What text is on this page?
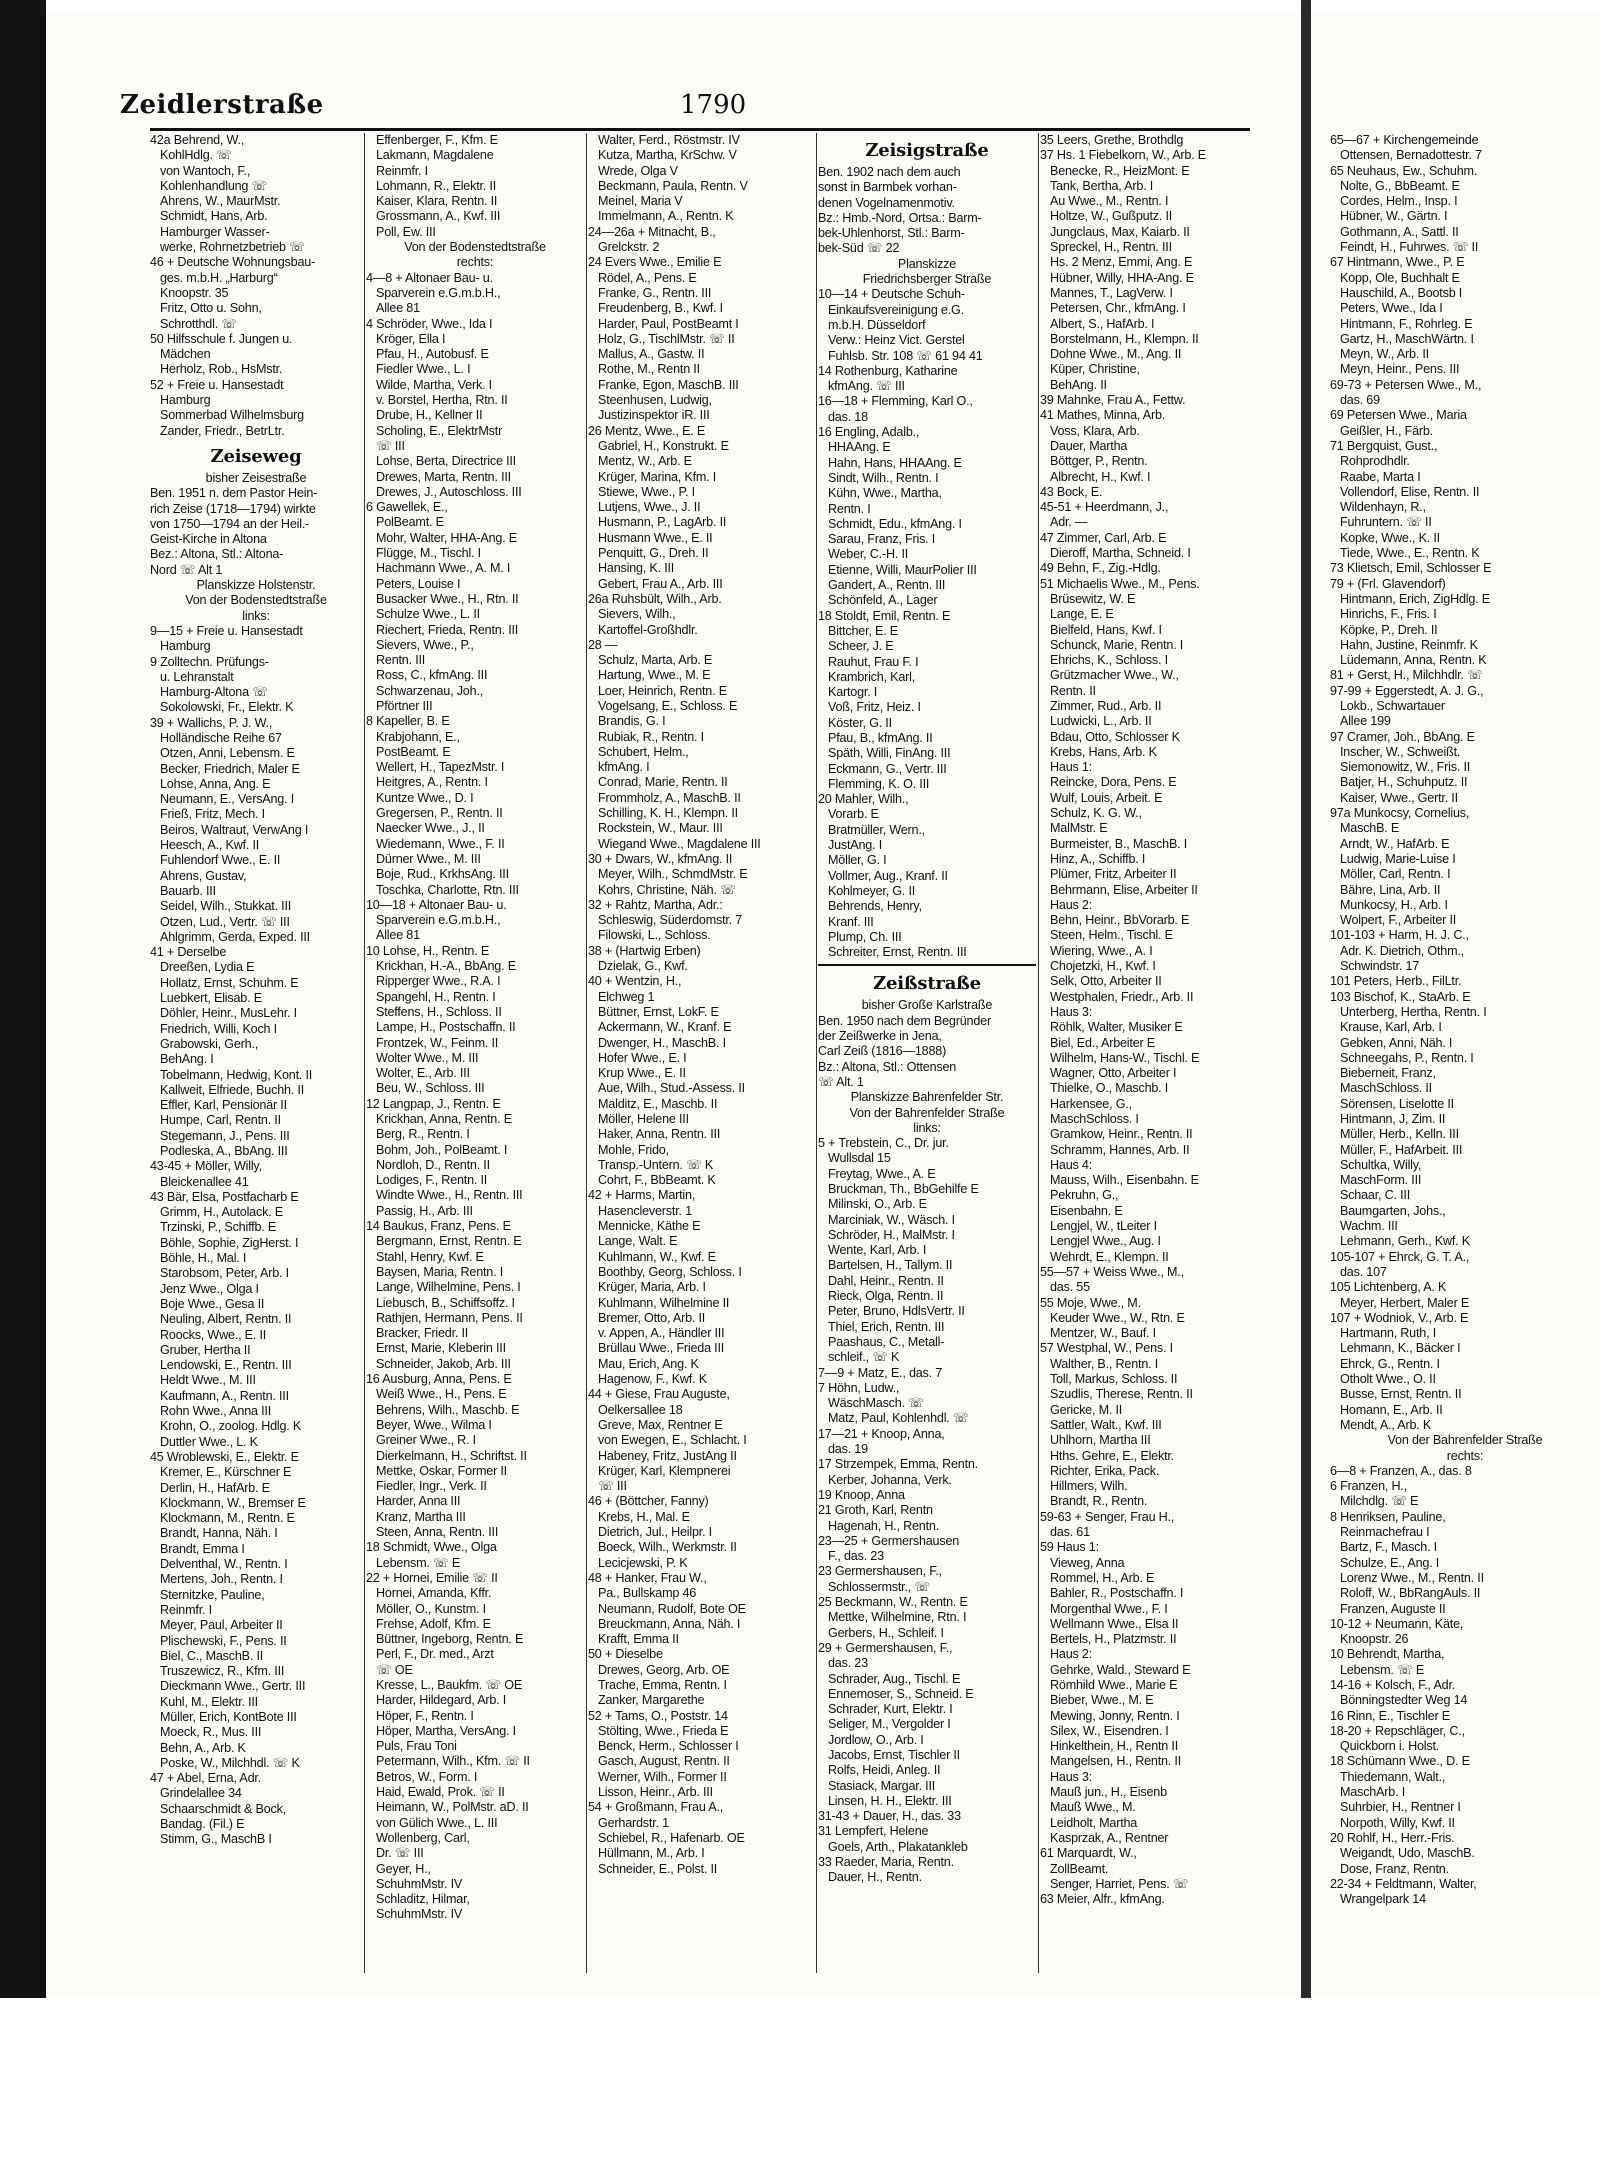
Zeidlerstraße	1790
42a Behrend, W.,
KohlHdlg. ☏
von Wantoch, F.,
Kohlenhandlung ☏
Ahrens, W., MaurMstr.
Schmidt, Hans, Arb.
Hamburger Wasser-
werke, Rohrnetzbetrieb ☏
46 + Deutsche Wohnungsbau-
ges. m.b.H. „Harburg“
Knoopstr. 35
Fritz, Otto u. Sohn,
Schrotthdl. ☏
50 Hilfsschule f. Jungen u.
Mädchen
Herholz, Rob., HsMstr.
52 + Freie u. Hansestadt
Hamburg
Sommerbad Wilhelmsburg
Zander, Friedr., BetrLtr.
Zeiseweg
bisher Zeisestraße
Ben. 1951 n. dem Pastor Hein-
rich Zeise (1718—1794) wirkte
von 1750—1794 an der Heil.-
Geist-Kirche in Altona
Bez.: Altona, Stl.: Altona-
Nord ☏ Alt 1
Planskizze Holstenstr.
Von der Bodenstedtstraße
links:
9—15 + Freie u. Hansestadt
Hamburg
9 Zolltechn. Prüfungs-
u. Lehranstalt
Hamburg-Altona ☏
Sokolowski, Fr., Elektr. K
39 + Wallichs, P. J. W.,
Holländische Reihe 67
Otzen, Anni, Lebensm. E
Becker, Friedrich, Maler E
Lohse, Anna, Ang. E
Neumann, E., VersAng. I
Frieß, Fritz, Mech. I
Beiros, Waltraut, VerwAng I
Heesch, A., Kwf. II
Fuhlendorf Wwe., E. II
Ahrens, Gustav,
Bauarb. III
Seidel, Wilh., Stukkat. III
Otzen, Lud., Vertr. ☏ III
Ahlgrimm, Gerda, Exped. III
41 + Derselbe
Dreeßen, Lydia E
Hollatz, Ernst, Schuhm. E
Luebkert, Elisab. E
Döhler, Heinr., MusLehr. I
Friedrich, Willi, Koch I
Grabowski, Gerh.,
BehAng. I
Tobelmann, Hedwig, Kont. II
Kallweit, Elfriede, Buchh. II
Effler, Karl, Pensionär II
Humpe, Carl, Rentn. II
Stegemann, J., Pens. III
Podleska, A., BbAng. III
43-45 + Möller, Willy,
Bleickenallee 41
43 Bär, Elsa, Postfacharb E
Grimm, H., Autolack. E
Trzinski, P., Schiffb. E
Böhle, Sophie, ZigHerst. I
Böhle, H., Mal. I
Starobsom, Peter, Arb. I
Jenz Wwe., Olga I
Boje Wwe., Gesa II
Neuling, Albert, Rentn. II
Roocks, Wwe., E. II
Gruber, Hertha II
Lendowski, E., Rentn. III
Heldt Wwe., M. III
Kaufmann, A., Rentn. III
Rohn Wwe., Anna III
Krohn, O., zoolog. Hdlg. K
Duttler Wwe., L. K
45 Wroblewski, E., Elektr. E
Kremer, E., Kürschner E
Derlin, H., HafArb. E
Klockmann, W., Bremser E
Klockmann, M., Rentn. E
Brandt, Hanna, Näh. I
Brandt, Emma I
Delventhal, W., Rentn. I
Mertens, Joh., Rentn. I
Sternitzke, Pauline,
Reinmfr. I
Meyer, Paul, Arbeiter II
Plischewski, F., Pens. II
Biel, C., MaschB. II
Truszewicz, R., Kfm. III
Dieckmann Wwe., Gertr. III
Kuhl, M., Elektr. III
Müller, Erich, KontBote III
Moeck, R., Mus. III
Behn, A., Arb. K
Poske, W., Milchhdl. ☏ K
47 + Abel, Erna, Adr.
Grindelallee 34
Schaarschmidt & Bock,
Bandag. (Fil.) E
Stimm, G., MaschB I
Effenberger, F., Kfm. E
Lakmann, Magdalene
Reinmfr. I
Lohmann, R., Elektr. II
Kaiser, Klara, Rentn. II
Grossmann, A., Kwf. III
Poll, Ew. III
Von der Bodenstedtstraße
rechts:
4—8 + Altonaer Bau- u.
Sparverein e.G.m.b.H.,
Allee 81
4 Schröder, Wwe., Ida I
Kröger, Ella I
Pfau, H., Autobusf. E
Fiedler Wwe., L. I
Wilde, Martha, Verk. I
v. Borstel, Hertha, Rtn. II
Drube, H., Kellner II
Scholing, E., ElektrMstr
☏ III
Lohse, Berta, Directrice III
Drewes, Marta, Rentn. III
Drewes, J., Autoschloss. III
6 Gawellek, E.,
PolBeamt. E
Mohr, Walter, HHA-Ang. E
Flügge, M., Tischl. I
Hachmann Wwe., A. M. I
Peters, Louise I
Busacker Wwe., H., Rtn. II
Schulze Wwe., L. II
Riechert, Frieda, Rentn. III
Sievers, Wwe., P.,
Rentn. III
Ross, C., kfmAng. III
Schwarzenau, Joh.,
Pförtner III
8 Kapeller, B. E
Krabjohann, E.,
PostBeamt. E
Wellert, H., TapezMstr. I
Heitgres, A., Rentn. I
Kuntze Wwe., D. I
Gregersen, P., Rentn. II
Naecker Wwe., J., II
Wiedemann, Wwe., F. II
Dürner Wwe., M. III
Boje, Rud., KrkhsAng. III
Toschka, Charlotte, Rtn. III
10—18 + Altonaer Bau- u.
Sparverein e.G.m.b.H.,
Allee 81
10 Lohse, H., Rentn. E
Krickhan, H.-A., BbAng. E
Ripperger Wwe., R.A. I
Spangehl, H., Rentn. I
Steffens, H., Schloss. II
Lampe, H., Postschaffn. II
Frontzek, W., Feinm. II
Wolter Wwe., M. III
Wolter, E., Arb. III
Beu, W., Schloss. III
12 Langpap, J., Rentn. E
Krickhan, Anna, Rentn. E
Berg, R., Rentn. I
Bohm, Joh., PolBeamt. I
Nordloh, D., Rentn. II
Lodiges, F., Rentn. II
Windte Wwe., H., Rentn. III
Passig, H., Arb. III
14 Baukus, Franz, Pens. E
Bergmann, Ernst, Rentn. E
Stahl, Henry, Kwf. E
Baysen, Maria, Rentn. I
Lange, Wilhelmine, Pens. I
Liebusch, B., Schiffsoffz. I
Rathjen, Hermann, Pens. II
Bracker, Friedr. II
Ernst, Marie, Kleberin III
Schneider, Jakob, Arb. III
16 Ausburg, Anna, Pens. E
Weiß Wwe., H., Pens. E
Behrens, Wilh., Maschb. E
Beyer, Wwe., Wilma I
Greiner Wwe., R. I
Dierkelmann, H., Schriftst. II
Mettke, Oskar, Former II
Fiedler, Ingr., Verk. II
Harder, Anna III
Kranz, Martha III
Steen, Anna, Rentn. III
18 Schmidt, Wwe., Olga
Lebensm. ☏ E
22 + Hornei, Emilie ☏ II
Hornei, Amanda, Kffr.
Möller, O., Kunstm. I
Frehse, Adolf, Kfm. E
Büttner, Ingeborg, Rentn. E
Perl, F., Dr. med., Arzt
☏ OE
Kresse, L., Baukfm. ☏ OE
Harder, Hildegard, Arb. I
Höper, F., Rentn. I
Höper, Martha, VersAng. I
Puls, Frau Toni
Petermann, Wilh., Kfm. ☏ II
Betros, W., Form. I
Haid, Ewald, Prok. ☏ II
Heimann, W., PolMstr. aD. II
von Gülich Wwe., L. III
Wollenberg, Carl,
Dr. ☏ III
Geyer, H.,
SchuhmMstr. IV
Schladitz, Hilmar,
SchuhmMstr. IV
Walter, Ferd., Röstmstr. IV
Kutza, Martha, KrSchw. V
Wrede, Olga V
Beckmann, Paula, Rentn. V
Meinel, Maria V
Immelmann, A., Rentn. K
24—26a + Mitnacht, B.,
Grelckstr. 2
24 Evers Wwe., Emilie E
Rödel, A., Pens. E
Franke, G., Rentn. III
Freudenberg, B., Kwf. I
Harder, Paul, PostBeamt I
Holz, G., TischlMstr. ☏ II
Mallus, A., Gastw. II
Rothe, M., Rentn II
Franke, Egon, MaschB. III
Steenhusen, Ludwig,
Justizinspektor iR. III
26 Mentz, Wwe., E. E
Gabriel, H., Konstrukt. E
Mentz, W., Arb. E
Krüger, Marina, Kfm. I
Stiewe, Wwe., P. I
Lutjens, Wwe., J. II
Husmann, P., LagArb. II
Husmann Wwe., E. II
Penquitt, G., Dreh. II
Hansing, K. III
Gebert, Frau A., Arb. III
26a Ruhsbült, Wilh., Arb.
Sievers, Wilh.,
Kartoffel-Großhdlr.
28 —
Schulz, Marta, Arb. E
Hartung, Wwe., M. E
Loer, Heinrich, Rentn. E
Vogelsang, E., Schloss. E
Brandis, G. I
Rubiak, R., Rentn. I
Schubert, Helm.,
kfmAng. I
Conrad, Marie, Rentn. II
Frommholz, A., MaschB. II
Schilling, K. H., Klempn. II
Rockstein, W., Maur. III
Wiegand Wwe., Magdalene III
30 + Dwars, W., kfmAng. II
Meyer, Wilh., SchmdMstr. E
Kohrs, Christine, Näh. ☏
32 + Rahtz, Martha, Adr.:
Schleswig, Süderdomstr. 7
Filowski, L., Schloss.
38 + (Hartwig Erben)
Dzielak, G., Kwf.
40 + Wentzin, H.,
Elchweg 1
Büttner, Ernst, LokF. E
Ackermann, W., Kranf. E
Dwenger, H., MaschB. I
Hofer Wwe., E. I
Krup Wwe., E. II
Aue, Wilh., Stud.-Assess. II
Malditz, E., Maschb. II
Möller, Helene III
Haker, Anna, Rentn. III
Mohle, Frido,
Transp.-Untern. ☏ K
Cohrt, F., BbBeamt. K
42 + Harms, Martin,
Hasencleverstr. 1
Mennicke, Käthe E
Lange, Walt. E
Kuhlmann, W., Kwf. E
Boothby, Georg, Schloss. I
Krüger, Maria, Arb. I
Kuhlmann, Wilhelmine II
Bremer, Otto, Arb. II
v. Appen, A., Händler III
Brüllau Wwe., Frieda III
Mau, Erich, Ang. K
Hagenow, F., Kwf. K
44 + Giese, Frau Auguste,
Oelkersallee 18
Greve, Max, Rentner E
von Ewegen, E., Schlacht. I
Habeney, Fritz, JustAng II
Krüger, Karl, Klempnerei
☏ III
46 + (Böttcher, Fanny)
Krebs, H., Mal. E
Dietrich, Jul., Heilpr. I
Boeck, Wilh., Werkmstr. II
Lecicjewski, P. K
48 + Hanker, Frau W.,
Pa., Bullskamp 46
Neumann, Rudolf, Bote OE
Breuckmann, Anna, Näh. I
Krafft, Emma II
50 + Dieselbe
Drewes, Georg, Arb. OE
Trache, Emma, Rentn. I
Zanker, Margarethe
52 + Tams, O., Poststr. 14
Stölting, Wwe., Frieda E
Benck, Herm., Schlosser I
Gasch, August, Rentn. II
Werner, Wilh., Former II
Lisson, Heinr., Arb. III
54 + Großmann, Frau A.,
Gerhardstr. 1
Schiebel, R., Hafenarb. OE
Hüllmann, M., Arb. I
Schneider, E., Polst. II
Zeisigstraße
Ben. 1902 nach dem auch
sonst in Barmbek vorhan-
denen Vogelnamenmotiv.
Bz.: Hmb.-Nord, Ortsa.: Barm-
bek-Uhlenhorst, Stl.: Barm-
bek-Süd ☏ 22
Planskizze
Friedrichsberger Straße
10—14 + Deutsche Schuh-
Einkaufsvereinigung e.G.
m.b.H. Düsseldorf
Verw.: Heinz Vict. Gerstel
Fuhlsb. Str. 108 ☏ 61 94 41
14 Rothenburg, Katharine
kfmAng. ☏ III
16—18 + Flemming, Karl O.,
das. 18
16 Engling, Adalb.,
HHAAng. E
Hahn, Hans, HHAAng. E
Sindt, Wilh., Rentn. I
Kühn, Wwe., Martha,
Rentn. I
Schmidt, Edu., kfmAng. I
Sarau, Franz, Fris. I
Weber, C.-H. II
Etienne, Willi, MaurPolier III
Gandert, A., Rentn. III
Schönfeld, A., Lager
18 Stoldt, Emil, Rentn. E
Bittcher, E. E
Scheer, J. E
Rauhut, Frau F. I
Krambrich, Karl,
Kartogr. I
Voß, Fritz, Heiz. I
Köster, G. II
Pfau, B., kfmAng. II
Späth, Willi, FinAng. III
Eckmann, G., Vertr. III
Flemming, K. O. III
20 Mahler, Wilh.,
Vorarb. E
Bratmüller, Wern.,
JustAng. I
Möller, G. I
Vollmer, Aug., Kranf. II
Kohlmeyer, G. II
Behrends, Henry,
Kranf. III
Plump, Ch. III
Schreiter, Ernst, Rentn. III
Zeißstraße
bisher Große Karlstraße
Ben. 1950 nach dem Begründer
der Zeißwerke in Jena,
Carl Zeiß (1816—1888)
Bz.: Altona, Stl.: Ottensen
☏ Alt. 1
Planskizze Bahrenfelder Str.
Von der Bahrenfelder Straße
links:
5 + Trebstein, C., Dr. jur.
Wullsdal 15
Freytag, Wwe., A. E
Bruckman, Th., BbGehilfe E
Milinski, O., Arb. E
Marciniak, W., Wäsch. I
Schröder, H., MalMstr. I
Wente, Karl, Arb. I
Bartelsen, H., Tallym. II
Dahl, Heinr., Rentn. II
Rieck, Olga, Rentn. II
Peter, Bruno, HdlsVertr. II
Thiel, Erich, Rentn. III
Paashaus, C., Metall-
schleif., ☏ K
7—9 + Matz, E., das. 7
7 Höhn, Ludw.,
WäschMasch. ☏
Matz, Paul, Kohlenhdl. ☏
17—21 + Knoop, Anna,
das. 19
17 Strzempek, Emma, Rentn.
Kerber, Johanna, Verk.
19 Knoop, Anna
21 Groth, Karl, Rentn
Hagenah, H., Rentn.
23—25 + Germershausen
F., das. 23
23 Germershausen, F.,
Schlossermstr., ☏
25 Beckmann, W., Rentn. E
Mettke, Wilhelmine, Rtn. I
Gerbers, H., Schleif. I
29 + Germershausen, F.,
das. 23
Schrader, Aug., Tischl. E
Ennemoser, S., Schneid. E
Schrader, Kurt, Elektr. I
Seliger, M., Vergolder I
Jordlow, O., Arb. I
Jacobs, Ernst, Tischler II
Rolfs, Heidi, Anleg. II
Stasiack, Margar. III
Linsen, H. H., Elektr. III
31-43 + Dauer, H., das. 33
31 Lempfert, Helene
Goels, Arth., Plakatankleb
33 Raeder, Maria, Rentn.
Dauer, H., Rentn.
35 Leers, Grethe, Brothdlg
37 Hs. 1 Fiebelkorn, W., Arb. E
Benecke, R., HeizMont. E
Tank, Bertha, Arb. I
Au Wwe., M., Rentn. I
Holtze, W., Gußputz. II
Jungclaus, Max, Kaiarb. II
Spreckel, H., Rentn. III
Hs. 2 Menz, Emmi, Ang. E
Hübner, Willy, HHA-Ang. E
Mannes, T., LagVerw. I
Petersen, Chr., kfmAng. I
Albert, S., HafArb. I
Borstelmann, H., Klempn. II
Dohne Wwe., M., Ang. II
Küper, Christine,
BehAng. II
39 Mahnke, Frau A., Fettw.
41 Mathes, Minna, Arb.
Voss, Klara, Arb.
Dauer, Martha
Böttger, P., Rentn.
Albrecht, H., Kwf. I
43 Bock, E.
45-51 + Heerdmann, J.,
Adr. —
47 Zimmer, Carl, Arb. E
Dieroff, Martha, Schneid. I
49 Behn, F., Zig.-Hdlg.
51 Michaelis Wwe., M., Pens.
Brüsewitz, W. E
Lange, E. E
Bielfeld, Hans, Kwf. I
Schunck, Marie, Rentn. I
Ehrichs, K., Schloss. I
Grützmacher Wwe., W.,
Rentn. II
Zimmer, Rud., Arb. II
Ludwicki, L., Arb. II
Bdau, Otto, Schlosser K
Krebs, Hans, Arb. K
Haus 1:
Reincke, Dora, Pens. E
Wulf, Louis, Arbeit. E
Schulz, K. G. W.,
MalMstr. E
Burmeister, B., MaschB. I
Hinz, A., Schiffb. I
Plümer, Fritz, Arbeiter II
Behrmann, Elise, Arbeiter II
Haus 2:
Behn, Heinr., BbVorarb. E
Steen, Helm., Tischl. E
Wiering, Wwe., A. I
Chojetzki, H., Kwf. I
Selk, Otto, Arbeiter II
Westphalen, Friedr., Arb. II
Haus 3:
Röhlk, Walter, Musiker E
Biel, Ed., Arbeiter E
Wilhelm, Hans-W., Tischl. E
Wagner, Otto, Arbeiter I
Thielke, O., Maschb. I
Harkensee, G.,
MaschSchloss. I
Gramkow, Heinr., Rentn. II
Schramm, Hannes, Arb. II
Haus 4:
Mauss, Wilh., Eisenbahn. E
Pekruhn, G.,
Eisenbahn. E
Lengjel, W., tLeiter I
Lengjel Wwe., Aug. I
Wehrdt, E., Klempn. II
55—57 + Weiss Wwe., M.,
das. 55
55 Moje, Wwe., M.
Keuder Wwe., W., Rtn. E
Mentzer, W., Bauf. I
57 Westphal, W., Pens. I
Walther, B., Rentn. I
Toll, Markus, Schloss. II
Szudlis, Therese, Rentn. II
Gericke, M. II
Sattler, Walt., Kwf. III
Uhlhorn, Martha III
Hths. Gehre, E., Elektr.
Richter, Erika, Pack.
Hillmers, Wilh.
Brandt, R., Rentn.
59-63 + Senger, Frau H.,
das. 61
59 Haus 1:
Vieweg, Anna
Rommel, H., Arb. E
Bahler, R., Postschaffn. I
Morgenthal Wwe., F. I
Wellmann Wwe., Elsa II
Bertels, H., Platzmstr. II
Haus 2:
Gehrke, Wald., Steward E
Römhild Wwe., Marie E
Bieber, Wwe., M. E
Mewing, Jonny, Rentn. I
Silex, W., Eisendren. I
Hinkelthein, H., Rentn II
Mangelsen, H., Rentn. II
Haus 3:
Mauß jun., H., Eisenb
Mauß Wwe., M.
Leidholt, Martha
Kasprzak, A., Rentner
61 Marquardt, W.,
ZollBeamt.
Senger, Harriet, Pens. ☏
63 Meier, Alfr., kfmAng.
65—67 + Kirchengemeinde
Ottensen, Bernadottestr. 7
65 Neuhaus, Ew., Schuhm.
Nolte, G., BbBeamt. E
Cordes, Helm., Insp. I
Hübner, W., Gärtn. I
Gothmann, A., Sattl. II
Feindt, H., Fuhrwes. ☏ II
67 Hintmann, Wwe., P. E
Kopp, Ole, Buchhalt E
Hauschild, A., Bootsb I
Peters, Wwe., Ida I
Hintmann, F., Rohrleg. E
Gartz, H., MaschWärtn. I
Meyn, W., Arb. II
Meyn, Heinr., Pens. III
69-73 + Petersen Wwe., M.,
das. 69
69 Petersen Wwe., Maria
Geißler, H., Färb.
71 Bergquist, Gust.,
Rohprodhdlr.
Raabe, Marta I
Vollendorf, Elise, Rentn. II
Wildenhayn, R.,
Fuhruntern. ☏ II
Kopke, Wwe., K. II
Tiede, Wwe., E., Rentn. K
73 Klietsch, Emil, Schlosser E
79 + (Frl. Glavendorf)
Hintmann, Erich, ZigHdlg. E
Hinrichs, F., Fris. I
Köpke, P., Dreh. II
Hahn, Justine, Reinmfr. K
Lüdemann, Anna, Rentn. K
81 + Gerst, H., Milchhdlr. ☏
97-99 + Eggerstedt, A. J. G.,
Lokb., Schwartauer
Allee 199
97 Cramer, Joh., BbAng. E
Inscher, W., Schweißt.
Siemonowitz, W., Fris. II
Batjer, H., Schuhputz. II
Kaiser, Wwe., Gertr. II
97a Munkocsy, Cornelius,
MaschB. E
Arndt, W., HafArb. E
Ludwig, Marie-Luise I
Möller, Carl, Rentn. I
Bähre, Lina, Arb. II
Munkocsy, H., Arb. I
Wolpert, F., Arbeiter II
101-103 + Harm, H. J. C.,
Adr. K. Dietrich, Othm.,
Schwindstr. 17
101 Peters, Herb., FilLtr.
103 Bischof, K., StaArb. E
Unterberg, Hertha, Rentn. I
Krause, Karl, Arb. I
Gebken, Anni, Näh. I
Schneegahs, P., Rentn. I
Bieberneit, Franz,
MaschSchloss. II
Sörensen, Liselotte II
Hintmann, J, Zim. II
Müller, Herb., Kelln. III
Müller, F., HafArbeit. III
Schultka, Willy,
MaschForm. III
Schaar, C. III
Baumgarten, Johs.,
Wachm. III
Lehmann, Gerh., Kwf. K
105-107 + Ehrck, G. T. A.,
das. 107
105 Lichtenberg, A. K
Meyer, Herbert, Maler E
107 + Wodniok, V., Arb. E
Hartmann, Ruth, I
Lehmann, K., Bäcker I
Ehrck, G., Rentn. I
Otholt Wwe., O. II
Busse, Ernst, Rentn. II
Homann, E., Arb. II
Mendt, A., Arb. K
Von der Bahrenfelder Straße
rechts:
6—8 + Franzen, A., das. 8
6 Franzen, H.,
Milchdlg. ☏ E
8 Henriksen, Pauline,
Reinmachefrau I
Bartz, F., Masch. I
Schulze, E., Ang. I
Lorenz Wwe., M., Rentn. II
Roloff, W., BbRangAuls. II
Franzen, Auguste II
10-12 + Neumann, Käte,
Knoopstr. 26
10 Behrendt, Martha,
Lebensm. ☏ E
14-16 + Kolsch, F., Adr.
Bönningstedter Weg 14
16 Rinn, E., Tischler E
18-20 + Repschläger, C.,
Quickborn i. Holst.
18 Schümann Wwe., D. E
Thiedemann, Walt.,
MaschArb. I
Suhrbier, H., Rentner I
Norpoth, Willy, Kwf. II
20 Rohlf, H., Herr.-Fris.
Weigandt, Udo, MaschB.
Dose, Franz, Rentn.
22-34 + Feldtmann, Walter,
Wrangelpark 14
